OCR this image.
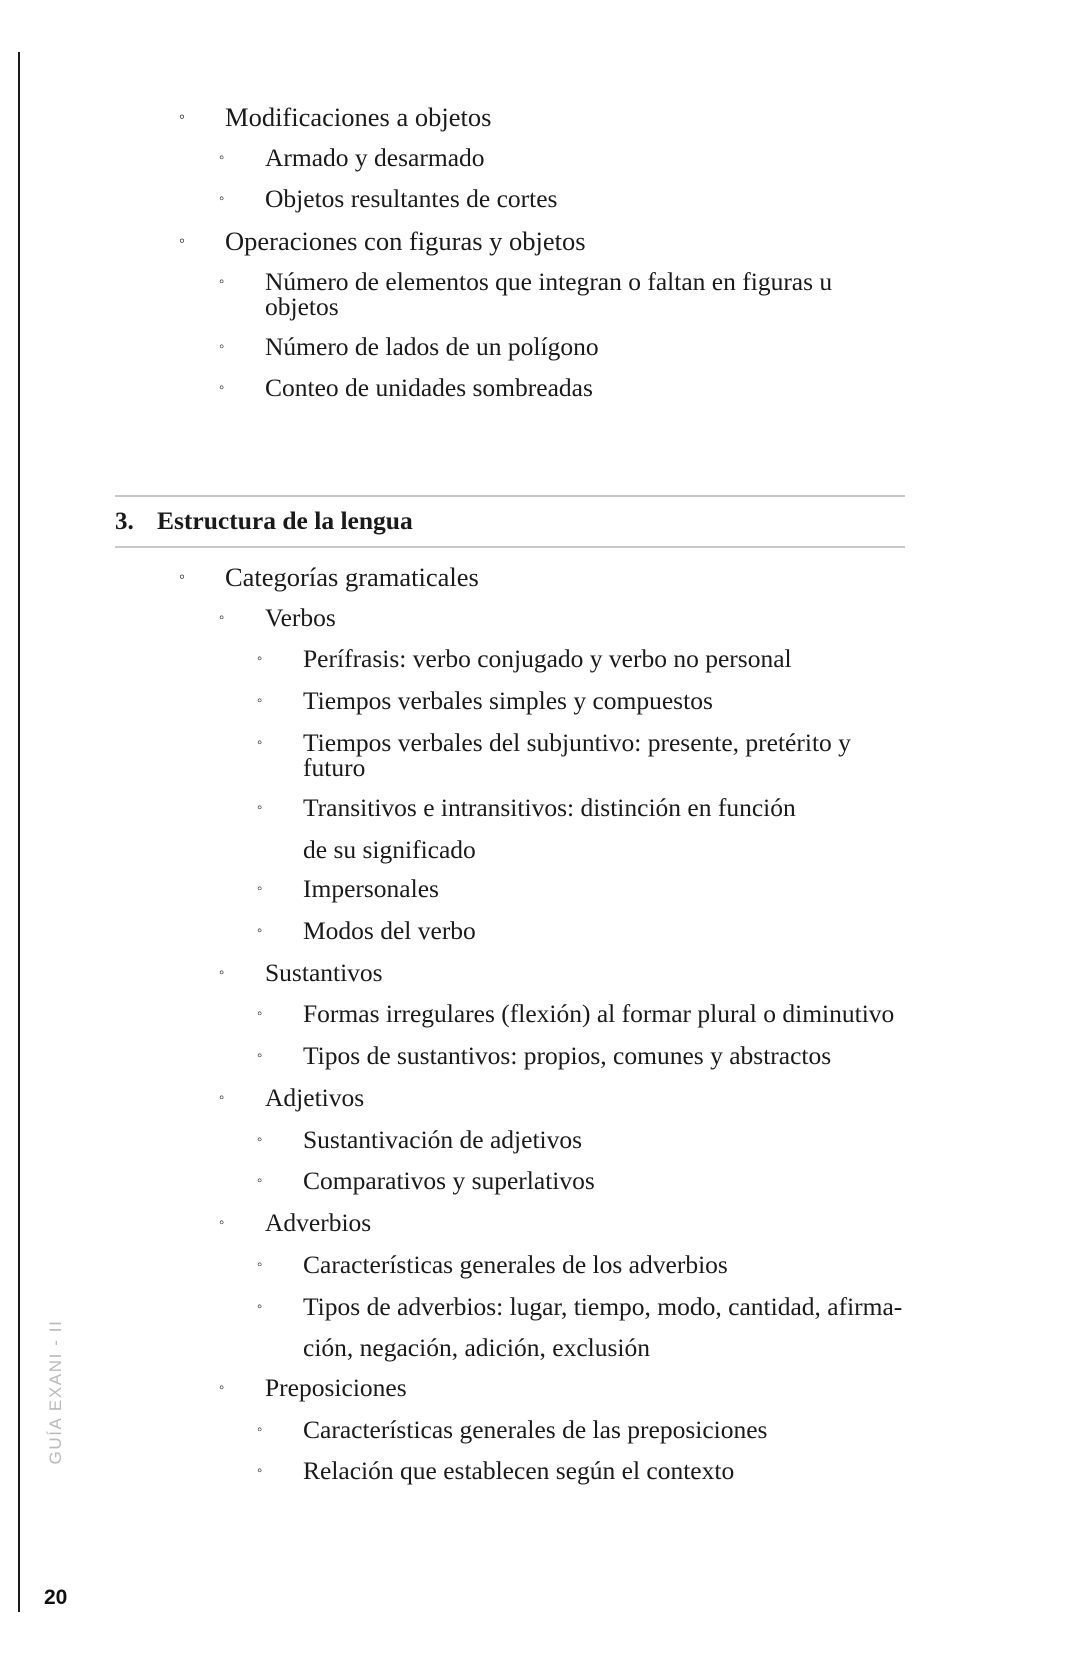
GUÍA EXANI - II
20
◦	Modificaciones a objetos
◦	Armado y desarmado
◦	Objetos resultantes de cortes
◦	Operaciones con figuras y objetos
◦	Número de elementos que integran o faltan en figuras u objetos
◦	Número de lados de un polígono
◦	Conteo de unidades sombreadas
3. Estructura de la lengua
◦	Categorías gramaticales
◦	Verbos
◦	Perífrasis: verbo conjugado y verbo no personal
◦	Tiempos verbales simples y compuestos
◦	Tiempos verbales del subjuntivo: presente, pretérito y futuro
◦	Transitivos e intransitivos: distinción en función
de su significado
◦	Impersonales
◦	Modos del verbo
◦	Sustantivos
◦	Formas irregulares (flexión) al formar plural o diminutivo
◦	Tipos de sustantivos: propios, comunes y abstractos
◦	Adjetivos
◦	Sustantivación de adjetivos
◦	Comparativos y superlativos
◦	Adverbios
◦	Características generales de los adverbios
◦	Tipos de adverbios: lugar, tiempo, modo, cantidad, afirma-
ción, negación, adición, exclusión
◦	Preposiciones
◦	Características generales de las preposiciones
◦	Relación que establecen según el contexto
